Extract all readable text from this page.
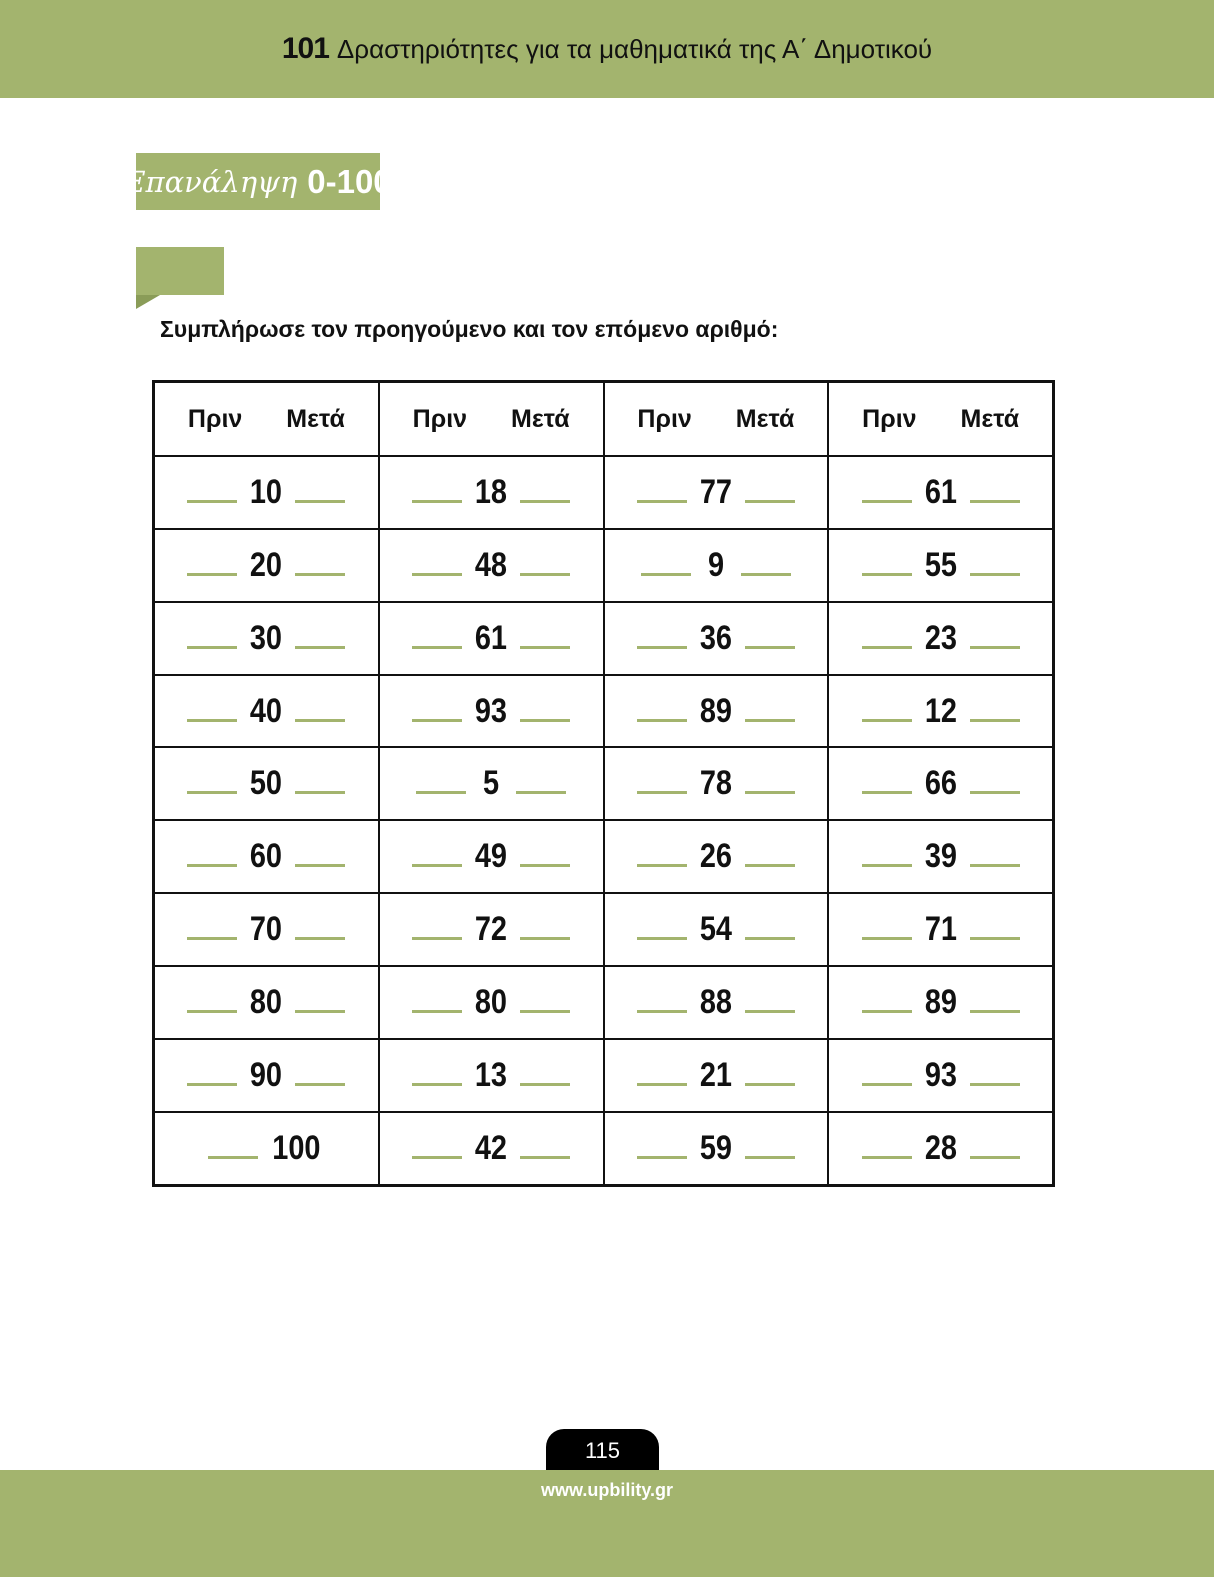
101 Δραστηριότητες για τα μαθηματικά της Α΄ Δημοτικού
Επανάληψη 0-100
Συμπλήρωσε τον προηγούμενο και τον επόμενο αριθμό:
Πριν Μετά	Πριν Μετά	Πριν Μετά	Πριν Μετά

10	18	77	61

20	48	9	55

30	61	36	23

40	93	89	12

50	5	78	66

60	49	26	39

70	72	54	71

80	80	88	89

90	13	21	93

100	42	59	28
115
www.upbility.gr
